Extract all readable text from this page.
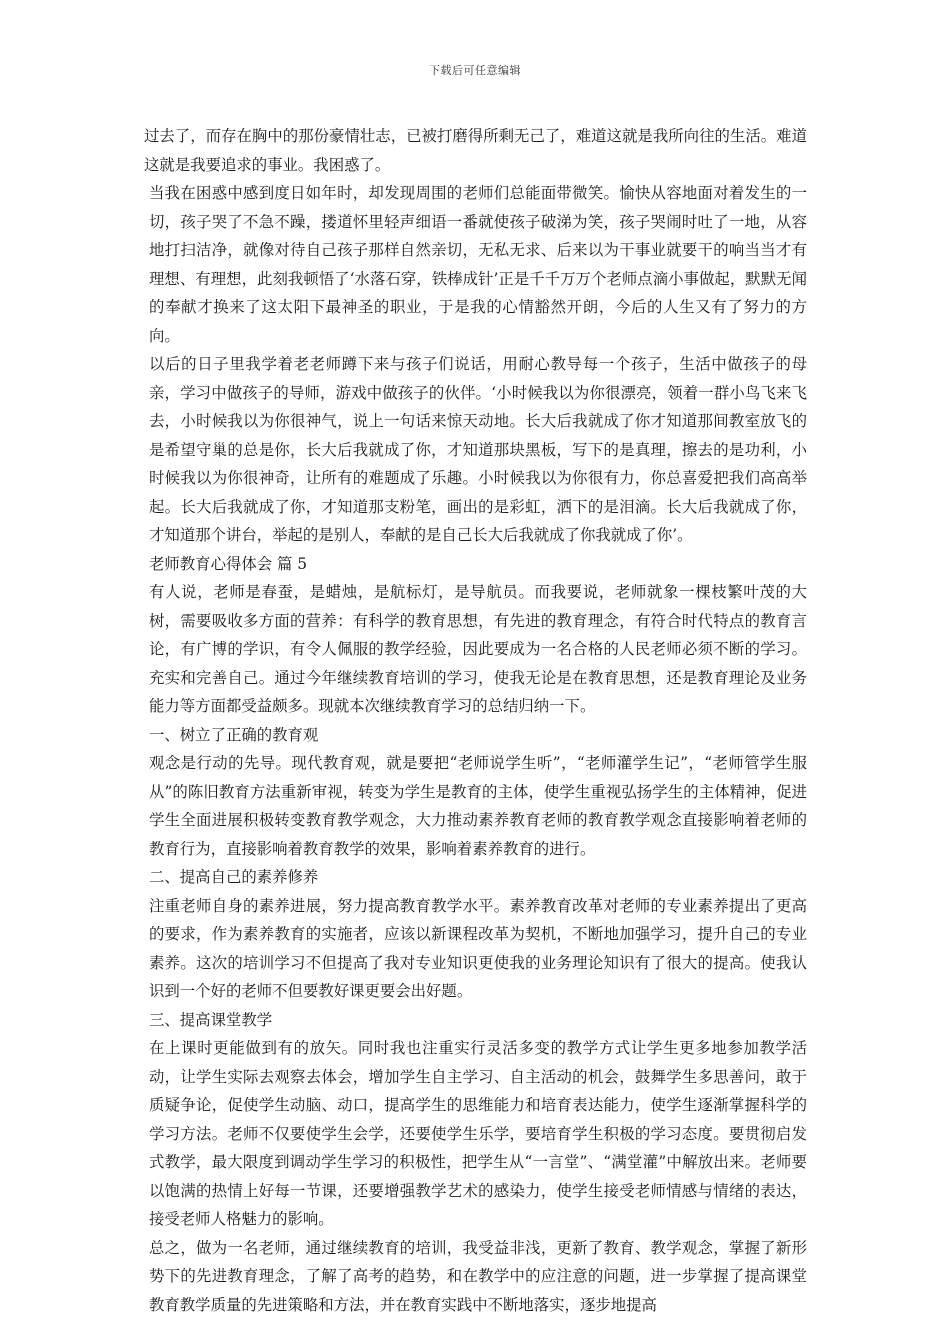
下载后可任意编辑

过去了，而存在胸中的那份豪情壮志，已被打磨得所剩无己了，难道这就是我所向往的生活。难道这就是我要追求的事业。我困惑了。

当我在困惑中感到度日如年时，却发现周围的老师们总能面带微笑。愉快从容地面对着发生的一切，孩子哭了不急不躁，搂道怀里轻声细语一番就使孩子破涕为笑，孩子哭闹时吐了一地，从容地打扫洁净，就像对待自己孩子那样自然亲切，无私无求、后来以为干事业就要干的响当当才有理想、有理想，此刻我顿悟了‘水落石穿，铁棒成针’正是千千万万个老师点滴小事做起，默默无闻的奉献才换来了这太阳下最神圣的职业，于是我的心情豁然开朗，今后的人生又有了努力的方向。

以后的日子里我学着老老师蹲下来与孩子们说话，用耐心教导每一个孩子，生活中做孩子的母亲，学习中做孩子的导师，游戏中做孩子的伙伴。‘小时候我以为你很漂亮，领着一群小鸟飞来飞去，小时候我以为你很神气，说上一句话来惊天动地。长大后我就成了你才知道那间教室放飞的是希望守巢的总是你，长大后我就成了你，才知道那块黑板，写下的是真理，擦去的是功利，小时候我以为你很神奇，让所有的难题成了乐趣。小时候我以为你很有力，你总喜爱把我们高高举起。长大后我就成了你，才知道那支粉笔，画出的是彩虹，洒下的是泪滴。长大后我就成了你，才知道那个讲台，举起的是别人，奉献的是自己长大后我就成了你我就成了你’。

老师教育心得体会 篇 5

有人说，老师是春蚕，是蜡烛，是航标灯，是导航员。而我要说，老师就象一棵枝繁叶茂的大树，需要吸收多方面的营养：有科学的教育思想，有先进的教育理念，有符合时代特点的教育言论，有广博的学识，有令人佩服的教学经验，因此要成为一名合格的人民老师必须不断的学习。充实和完善自己。通过今年继续教育培训的学习，使我无论是在教育思想，还是教育理论及业务能力等方面都受益颇多。现就本次继续教育学习的总结归纳一下。

一、树立了正确的教育观

观念是行动的先导。现代教育观，就是要把“老师说学生听”，“老师灌学生记”，“老师管学生服从”的陈旧教育方法重新审视，转变为学生是教育的主体，使学生重视弘扬学生的主体精神，促进学生全面进展积极转变教育教学观念，大力推动素养教育老师的教育教学观念直接影响着老师的教育行为，直接影响着教育教学的效果，影响着素养教育的进行。

二、提高自己的素养修养

注重老师自身的素养进展，努力提高教育教学水平。素养教育改革对老师的专业素养提出了更高的要求，作为素养教育的实施者，应该以新课程改革为契机，不断地加强学习，提升自己的专业素养。这次的培训学习不但提高了我对专业知识更使我的业务理论知识有了很大的提高。使我认识到一个好的老师不但要教好课更要会出好题。

三、提高课堂教学

在上课时更能做到有的放矢。同时我也注重实行灵活多变的教学方式让学生更多地参加教学活动，让学生实际去观察去体会，增加学生自主学习、自主活动的机会，鼓舞学生多思善问，敢于质疑争论，促使学生动脑、动口，提高学生的思维能力和培育表达能力，使学生逐渐掌握科学的学习方法。老师不仅要使学生会学，还要使学生乐学，要培育学生积极的学习态度。要贯彻启发式教学，最大限度到调动学生学习的积极性，把学生从“一言堂”、“满堂灌”中解放出来。老师要以饱满的热情上好每一节课，还要增强教学艺术的感染力，使学生接受老师情感与情绪的表达，接受老师人格魅力的影响。

总之，做为一名老师，通过继续教育的培训，我受益非浅，更新了教育、教学观念，掌握了新形势下的先进教育理念，了解了高考的趋势，和在教学中的应注意的问题，进一步掌握了提高课堂教育教学质量的先进策略和方法，并在教育实践中不断地落实，逐步地提高
